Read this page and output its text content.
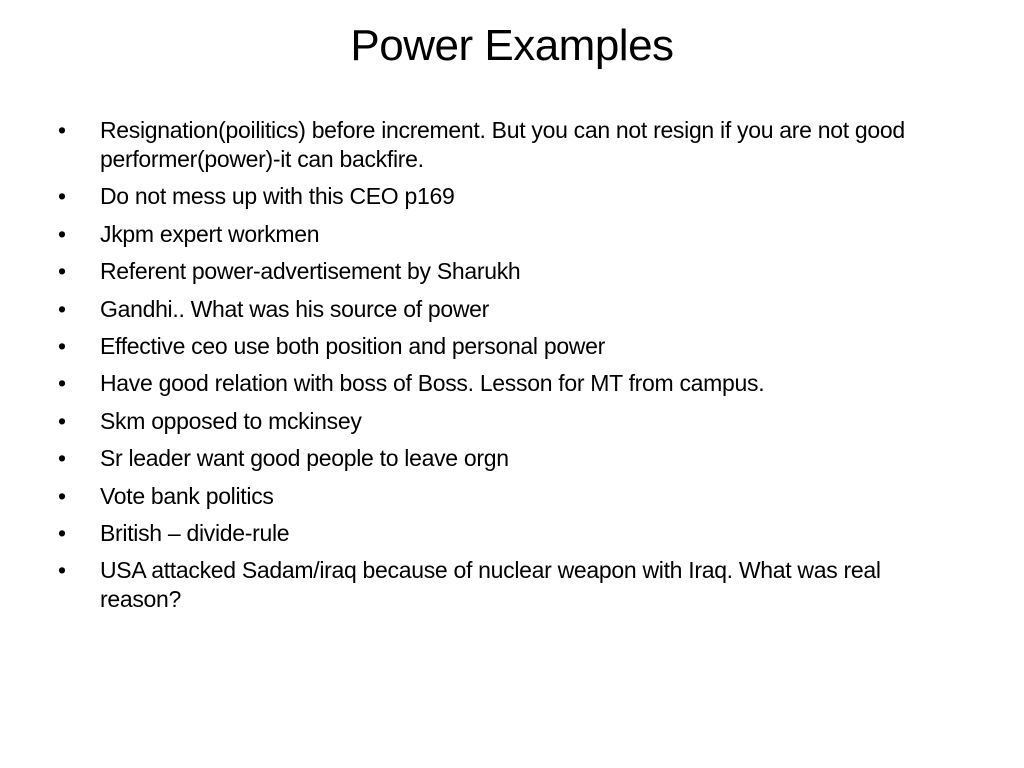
Power Examples
•	Resignation(poilitics) before increment. But you can not resign if you are not good performer(power)-it can backfire.
•	Do not mess up with this CEO p169
•	Jkpm expert workmen
•	Referent power-advertisement by Sharukh
•	Gandhi.. What was his source of power
•	Effective ceo use both position and personal power
•	Have good relation with boss of Boss. Lesson for MT from campus.
•	Skm opposed to mckinsey
•	Sr leader want good people to leave orgn
•	Vote bank politics
•	British – divide-rule
•	USA attacked Sadam/iraq because of nuclear weapon with Iraq. What was real reason?
